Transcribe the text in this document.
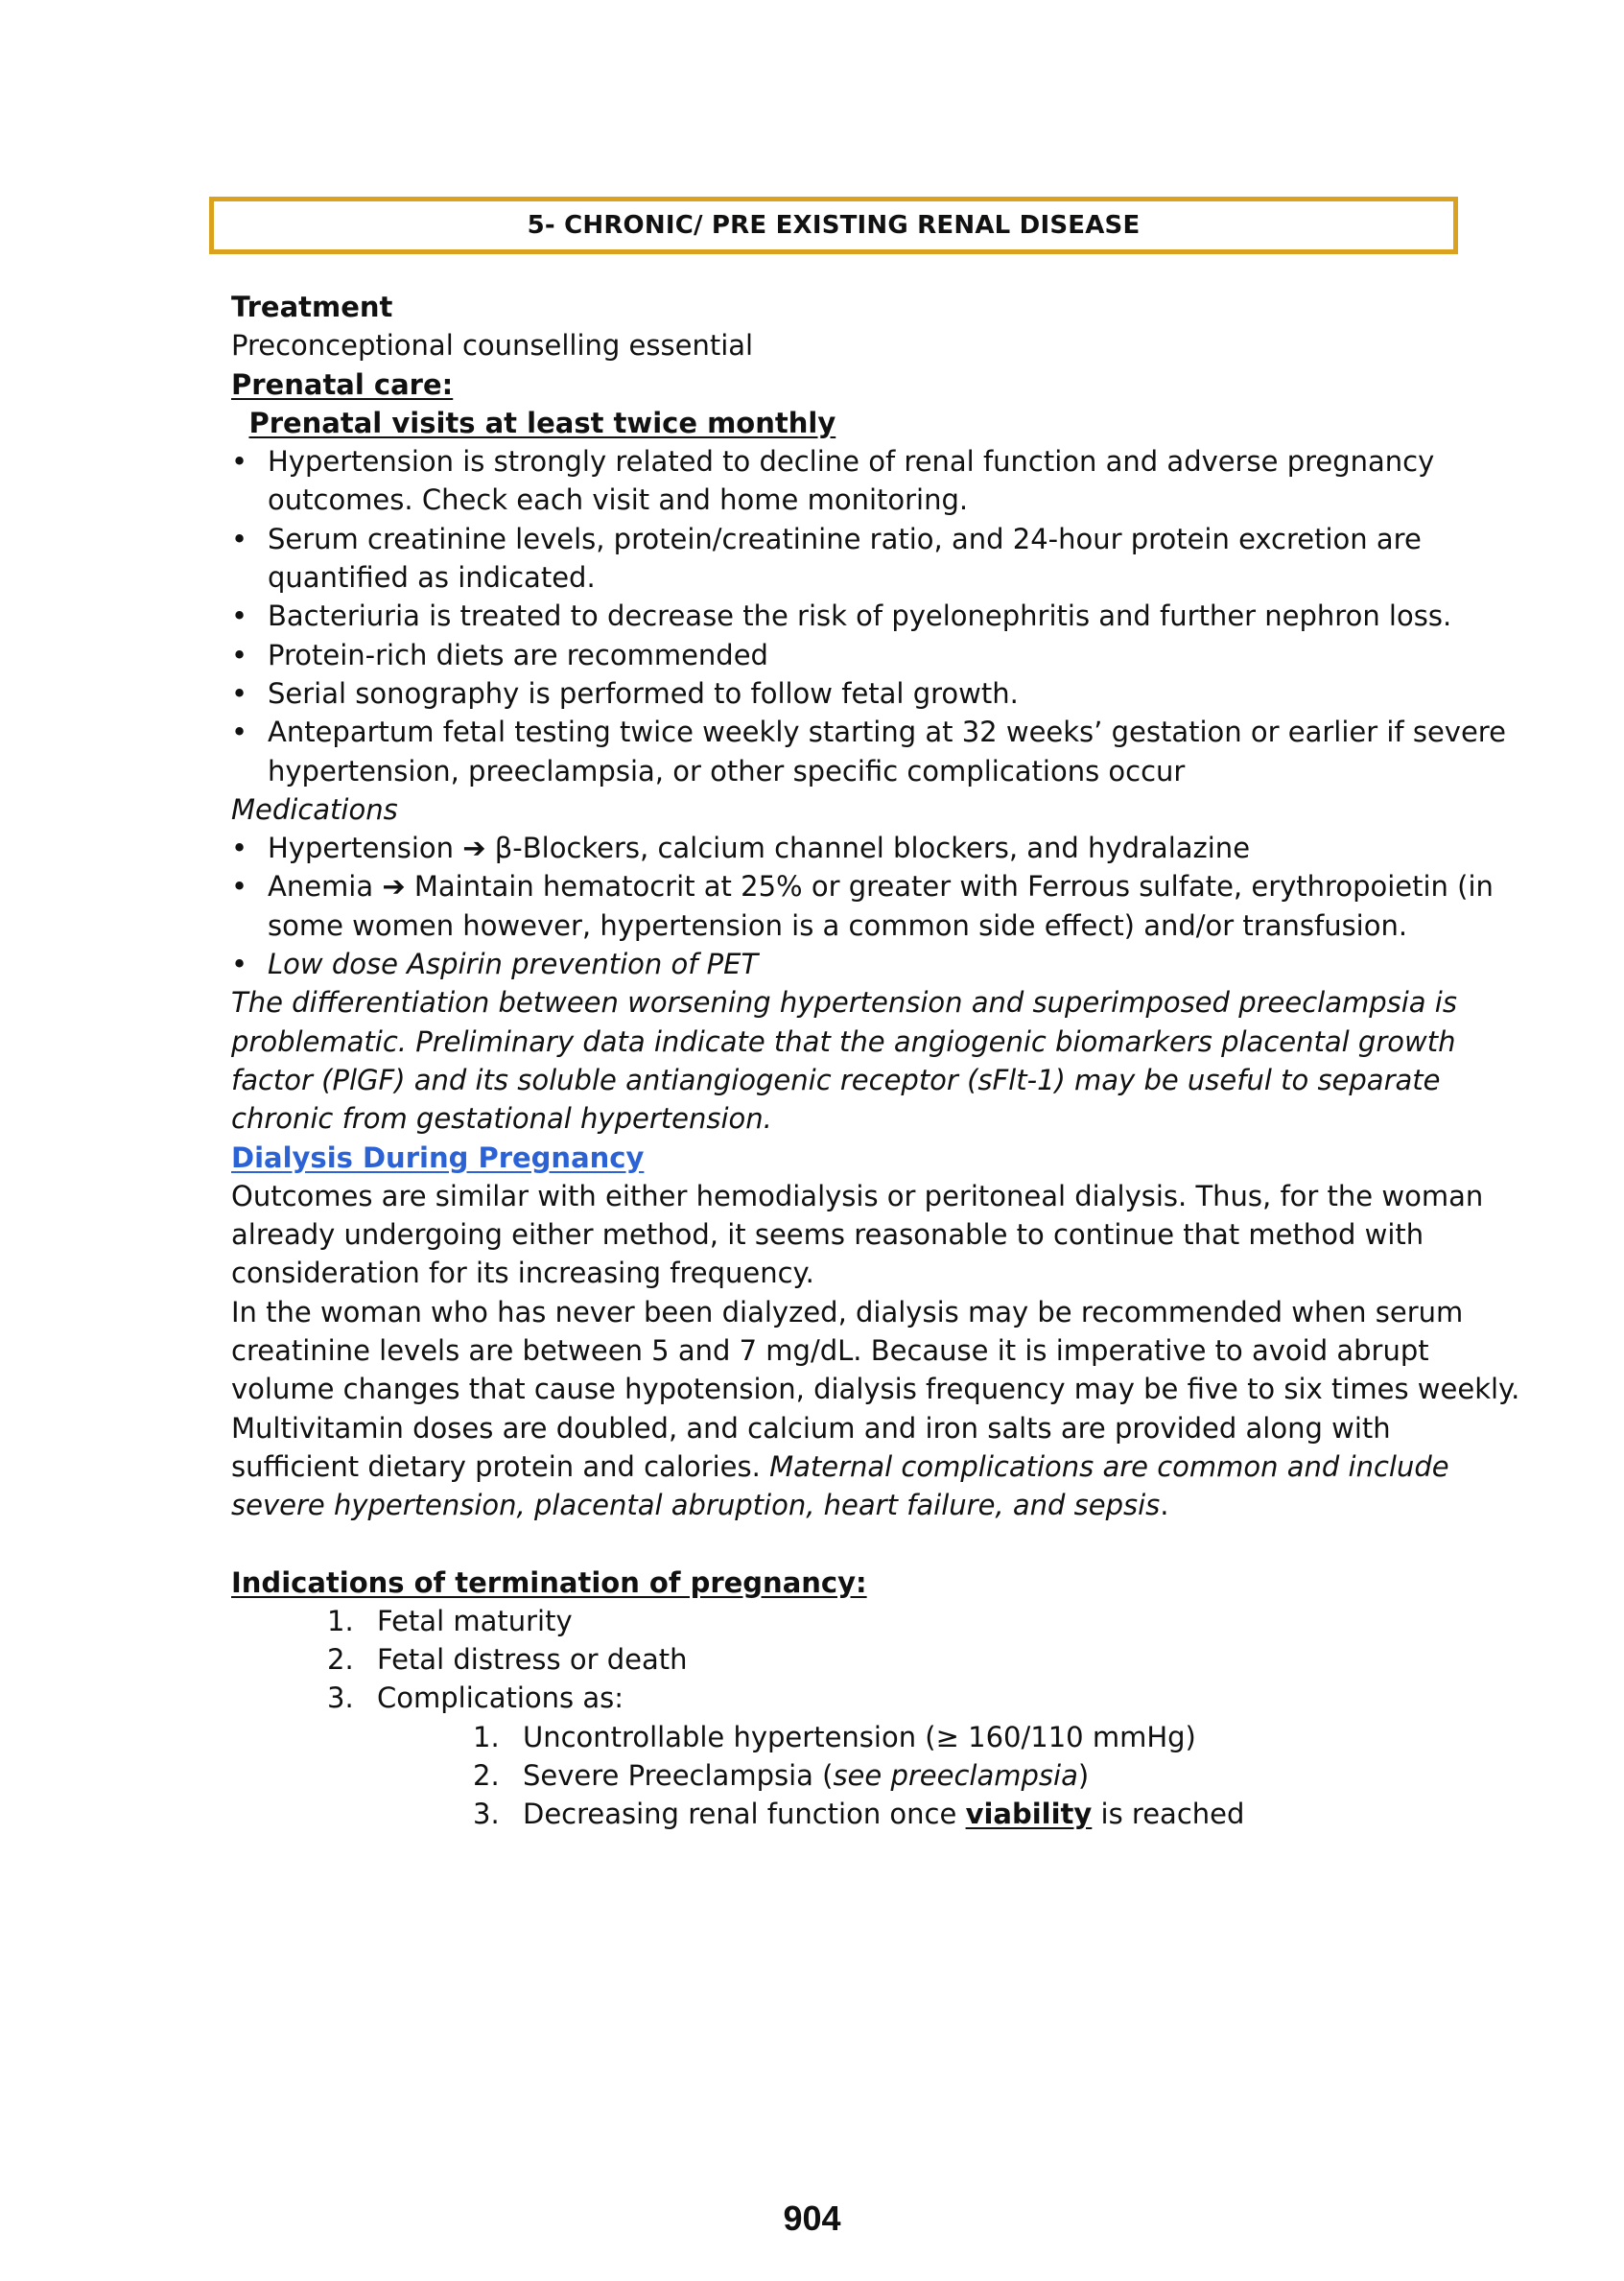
5- CHRONIC/ PRE EXISTING RENAL DISEASE
Treatment
Preconceptional counselling essential
Prenatal care:
Prenatal visits at least twice monthly
• Hypertension is strongly related to decline of renal function and adverse pregnancy
outcomes. Check each visit and home monitoring.
• Serum creatinine levels, protein/creatinine ratio, and 24-hour protein excretion are
quantified as indicated.
• Bacteriuria is treated to decrease the risk of pyelonephritis and further nephron loss.
• Protein-rich diets are recommended
• Serial sonography is performed to follow fetal growth.
• Antepartum fetal testing twice weekly starting at 32 weeks’ gestation or earlier if severe
hypertension, preeclampsia, or other specific complications occur
Medications
• Hypertension ➔ β-Blockers, calcium channel blockers, and hydralazine
• Anemia ➔ Maintain hematocrit at 25% or greater with Ferrous sulfate, erythropoietin (in
some women however, hypertension is a common side effect) and/or transfusion.
• Low dose Aspirin prevention of PET
The differentiation between worsening hypertension and superimposed preeclampsia is
problematic. Preliminary data indicate that the angiogenic biomarkers placental growth
factor (PlGF) and its soluble antiangiogenic receptor (sFlt-1) may be useful to separate
chronic from gestational hypertension.
Dialysis During Pregnancy
Outcomes are similar with either hemodialysis or peritoneal dialysis. Thus, for the woman
already undergoing either method, it seems reasonable to continue that method with
consideration for its increasing frequency.
In the woman who has never been dialyzed, dialysis may be recommended when serum
creatinine levels are between 5 and 7 mg/dL. Because it is imperative to avoid abrupt
volume changes that cause hypotension, dialysis frequency may be five to six times weekly.
Multivitamin doses are doubled, and calcium and iron salts are provided along with
sufficient dietary protein and calories. Maternal complications are common and include
severe hypertension, placental abruption, heart failure, and sepsis.
Indications of termination of pregnancy:
1. Fetal maturity
2. Fetal distress or death
3. Complications as:
1. Uncontrollable hypertension (≥ 160/110 mmHg)
2. Severe Preeclampsia (see preeclampsia)
3. Decreasing renal function once viability is reached
904
